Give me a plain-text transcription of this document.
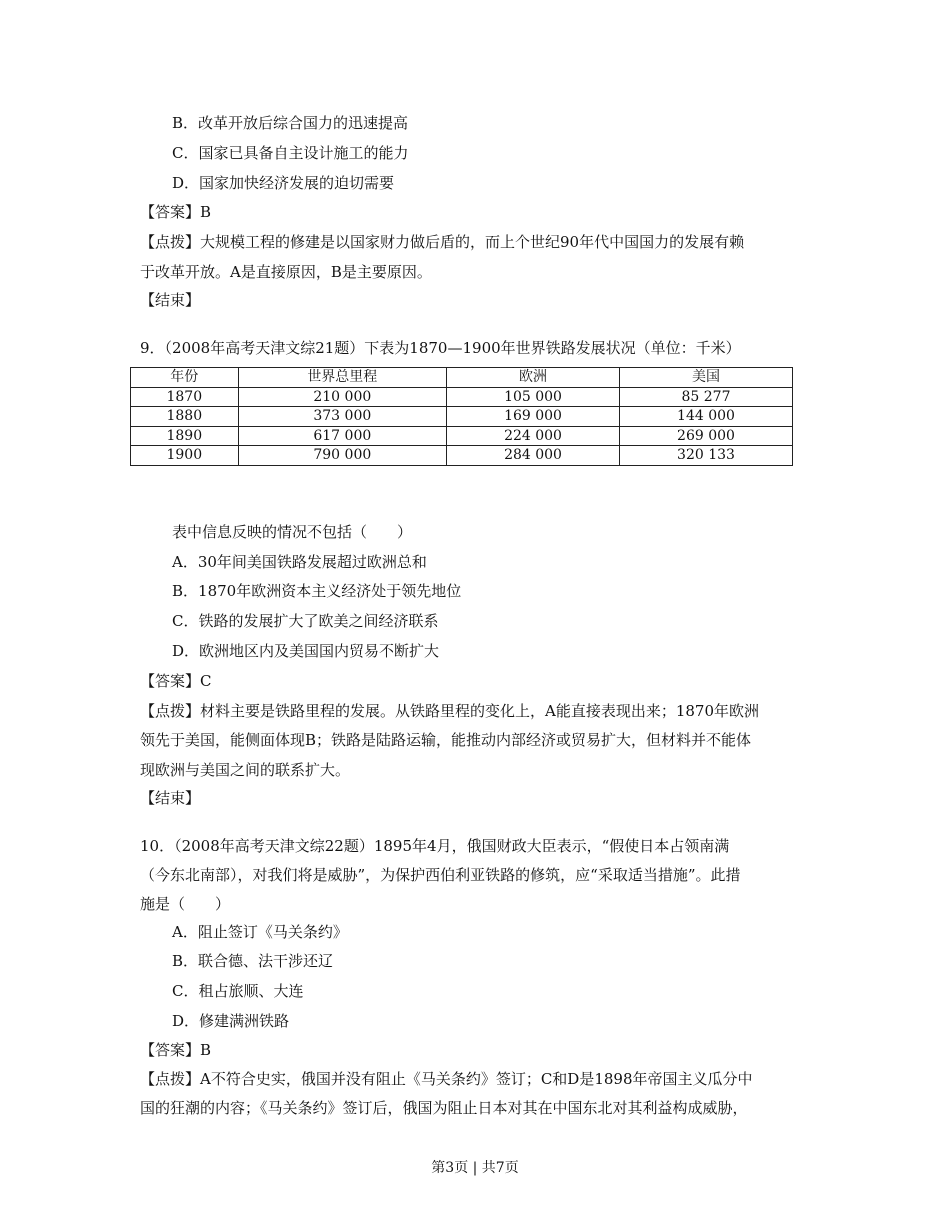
B．改革开放后综合国力的迅速提高
C．国家已具备自主设计施工的能力
D．国家加快经济发展的迫切需要
【答案】B
【点拨】大规模工程的修建是以国家财力做后盾的，而上个世纪90年代中国国力的发展有赖
于改革开放。A是直接原因，B是主要原因。
【结束】
9．（2008年高考天津文综21题）下表为1870—1900年世界铁路发展状况（单位：千米）
年份	世界总里程	欧洲	美国
1870	210 000	105 000	85 277
1880	373 000	169 000	144 000
1890	617 000	224 000	269 000
1900	790 000	284 000	320 133
表中信息反映的情况不包括（　　）
A．30年间美国铁路发展超过欧洲总和
B．1870年欧洲资本主义经济处于领先地位
C．铁路的发展扩大了欧美之间经济联系
D．欧洲地区内及美国国内贸易不断扩大
【答案】C
【点拨】材料主要是铁路里程的发展。从铁路里程的变化上，A能直接表现出来；1870年欧洲
领先于美国，能侧面体现B；铁路是陆路运输，能推动内部经济或贸易扩大，但材料并不能体
现欧洲与美国之间的联系扩大。
【结束】
10．（2008年高考天津文综22题）1895年4月，俄国财政大臣表示，“假使日本占领南满
（今东北南部），对我们将是威胁”，为保护西伯利亚铁路的修筑，应“采取适当措施”。此措
施是（　　）
A．阻止签订《马关条约》
B．联合德、法干涉还辽
C．租占旅顺、大连
D．修建满洲铁路
【答案】B
【点拨】A不符合史实，俄国并没有阻止《马关条约》签订；C和D是1898年帝国主义瓜分中
国的狂潮的内容；《马关条约》签订后，俄国为阻止日本对其在中国东北对其利益构成威胁，
第3页 | 共7页
